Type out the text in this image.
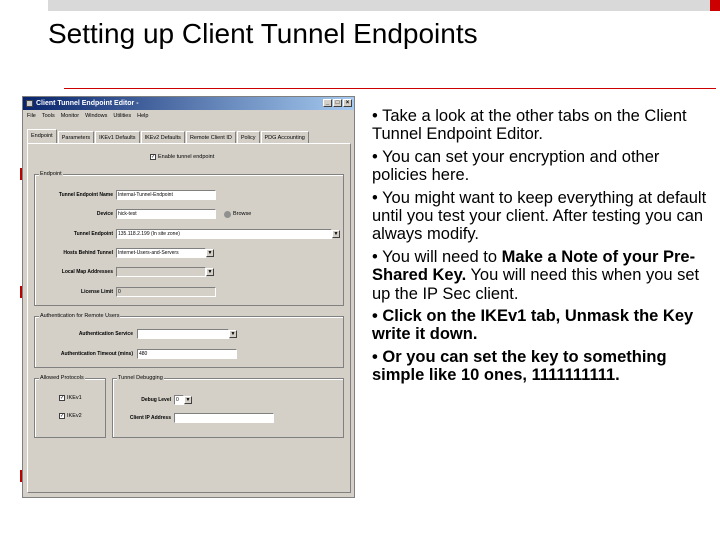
Setting up Client Tunnel Endpoints
Client Tunnel Endpoint Editor -	_	□	×
File Tools Monitor Windows Utilities Help
Endpoint	Parameters	IKEv1 Defaults	IKEv2 Defaults	Remote Client ID	Policy	PDG Accounting
✓ Enable tunnel endpoint
Endpoint
Tunnel Endpoint Name	Internal-Tunnel-Endpoint
Device	hick-test	Browse
Tunnel Endpoint	135.118.2.199 (In site zone)	▼
Hosts Behind Tunnel	Internet-Users-and-Servers	▼
Local Map Addresses	▼
License Limit	0
Authentication for Remote Users
Authentication Service	▼
Authentication Timeout (mins)	480
Allowed Protocols
✓ IKEv1
✓ IKEv2
Tunnel Debugging
Debug Level	0	▼
Client IP Address

• Take a look at the other tabs on the Client Tunnel Endpoint Editor.

• You can set your encryption and other policies here.

• You might want to keep everything at default until you test your client. After testing you can always modify.

• You will need to Make a Note of your Pre-Shared Key. You will need this when you set up the IP Sec client.

• Click on the IKEv1 tab, Unmask the Key write it down.

• Or you can set the key to something simple like 10 ones, 1111111111.
